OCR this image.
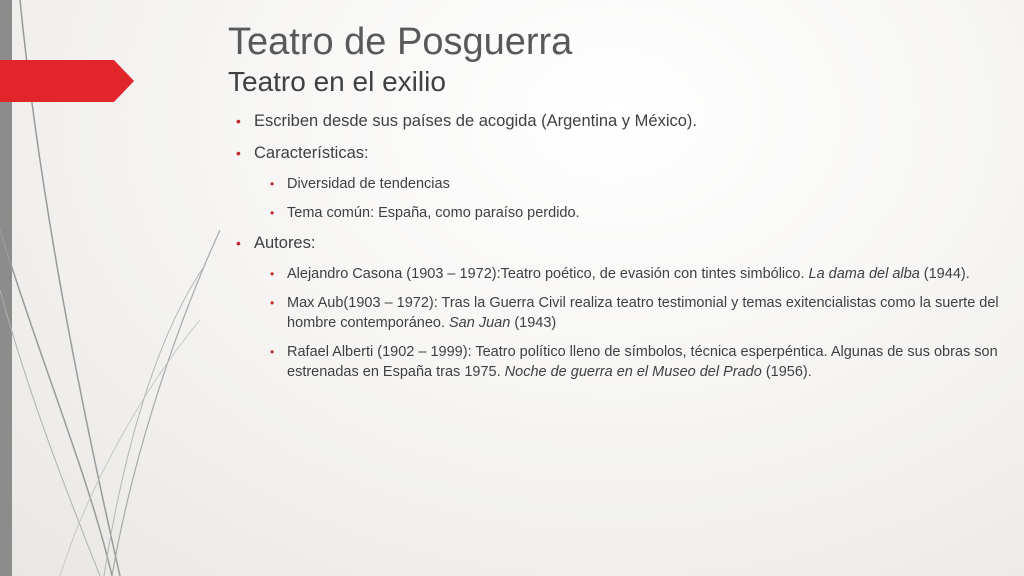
Teatro de Posguerra
Teatro en el exilio
• Escriben desde sus países de acogida (Argentina y México).
• Características:
• Diversidad de tendencias
• Tema común: España, como paraíso perdido.
• Autores:
• Alejandro Casona (1903 – 1972):Teatro poético, de evasión con tintes simbólico. La dama del alba (1944).
• Max Aub(1903 – 1972): Tras la Guerra Civil realiza teatro testimonial y temas exitencialistas como la suerte del hombre contemporáneo. San Juan (1943)
• Rafael Alberti (1902 – 1999): Teatro político lleno de símbolos, técnica esperpéntica. Algunas de sus obras son estrenadas en España tras 1975. Noche de guerra en el Museo del Prado (1956).
